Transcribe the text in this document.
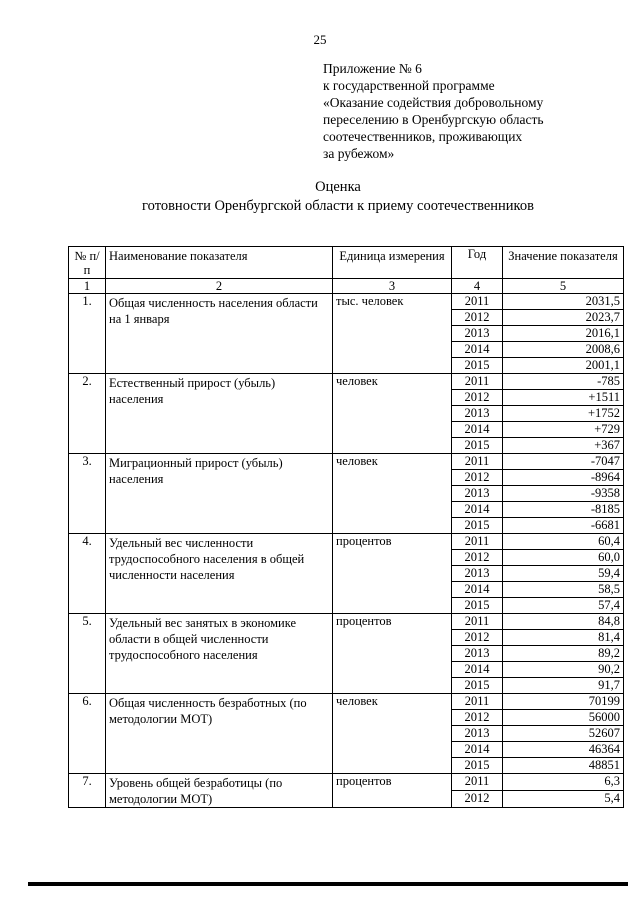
25
Приложение № 6
к государственной программе
«Оказание содействия добровольному
переселению в Оренбургскую область
соотечественников, проживающих
за рубежом»
Оценка
готовности Оренбургской области к приему соотечественников
№ п/п	Наименование показателя	Единица измерения	Год	Значение показателя
1	2	3	4	5
1.	Общая численность населения области на 1 января	тыс. человек	2011	2031,5
			2012	2023,7
			2013	2016,1
			2014	2008,6
			2015	2001,1
2.	Естественный прирост (убыль) населения	человек	2011	-785
			2012	+1511
			2013	+1752
			2014	+729
			2015	+367
3.	Миграционный прирост (убыль) населения	человек	2011	-7047
			2012	-8964
			2013	-9358
			2014	-8185
			2015	-6681
4.	Удельный вес численности трудоспособного населения в общей численности населения	процентов	2011	60,4
			2012	60,0
			2013	59,4
			2014	58,5
			2015	57,4
5.	Удельный вес занятых в экономике области в общей численности трудоспособного населения	процентов	2011	84,8
			2012	81,4
			2013	89,2
			2014	90,2
			2015	91,7
6.	Общая численность безработных (по методологии МОТ)	человек	2011	70199
			2012	56000
			2013	52607
			2014	46364
			2015	48851
7.	Уровень общей безработицы (по методологии МОТ)	процентов	2011	6,3
			2012	5,4
